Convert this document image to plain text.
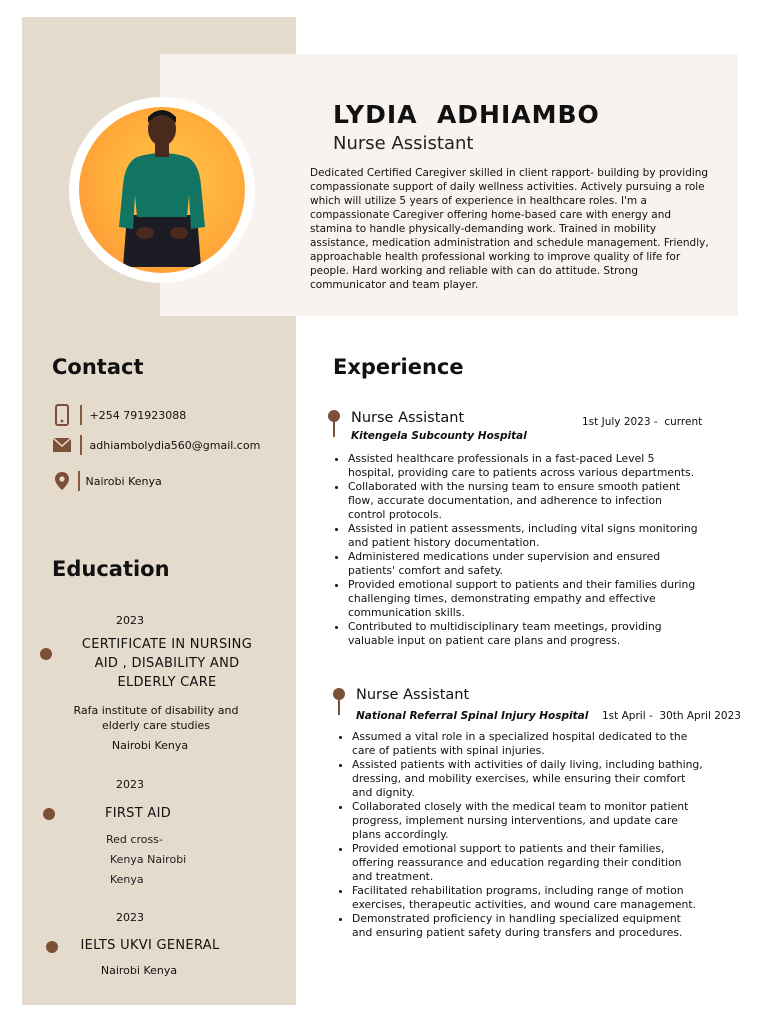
LYDIA  ADHIAMBO
Nurse Assistant
Dedicated Certified Caregiver skilled in client rapport- building by providing compassionate support of daily wellness activities. Actively pursuing a role which will utilize 5 years of experience in healthcare roles. I'm a compassionate Caregiver offering home-based care with energy and stamina to handle physically-demanding work. Trained in mobility assistance, medication administration and schedule management. Friendly, approachable health professional working to improve quality of life for people. Hard working and reliable with can do attitude. Strong communicator and team player.
Contact
+254 791923088
adhiambolydia560@gmail.com
Nairobi Kenya
Education
2023
CERTIFICATE IN NURSING
AID , DISABILITY AND
ELDERLY CARE
Rafa institute of disability and
elderly care studies
Nairobi Kenya
2023
FIRST AID
Red cross-
Kenya Nairobi
Kenya
2023
IELTS UKVI GENERAL
Nairobi Kenya
Experience
Nurse Assistant	1st July 2023 -  current
Kitengela Subcounty Hospital
• Assisted healthcare professionals in a fast-paced Level 5 hospital, providing care to patients across various departments.
• Collaborated with the nursing team to ensure smooth patient flow, accurate documentation, and adherence to infection control protocols.
• Assisted in patient assessments, including vital signs monitoring and patient history documentation.
• Administered medications under supervision and ensured patients' comfort and safety.
• Provided emotional support to patients and their families during challenging times, demonstrating empathy and effective communication skills.
• Contributed to multidisciplinary team meetings, providing valuable input on patient care plans and progress.
Nurse Assistant
National Referral Spinal Injury Hospital 1st April -  30th April 2023
• Assumed a vital role in a specialized hospital dedicated to the care of patients with spinal injuries.
• Assisted patients with activities of daily living, including bathing, dressing, and mobility exercises, while ensuring their comfort and dignity.
• Collaborated closely with the medical team to monitor patient progress, implement nursing interventions, and update care plans accordingly.
• Provided emotional support to patients and their families, offering reassurance and education regarding their condition and treatment.
• Facilitated rehabilitation programs, including range of motion exercises, therapeutic activities, and wound care management.
• Demonstrated proficiency in handling specialized equipment and ensuring patient safety during transfers and procedures.
